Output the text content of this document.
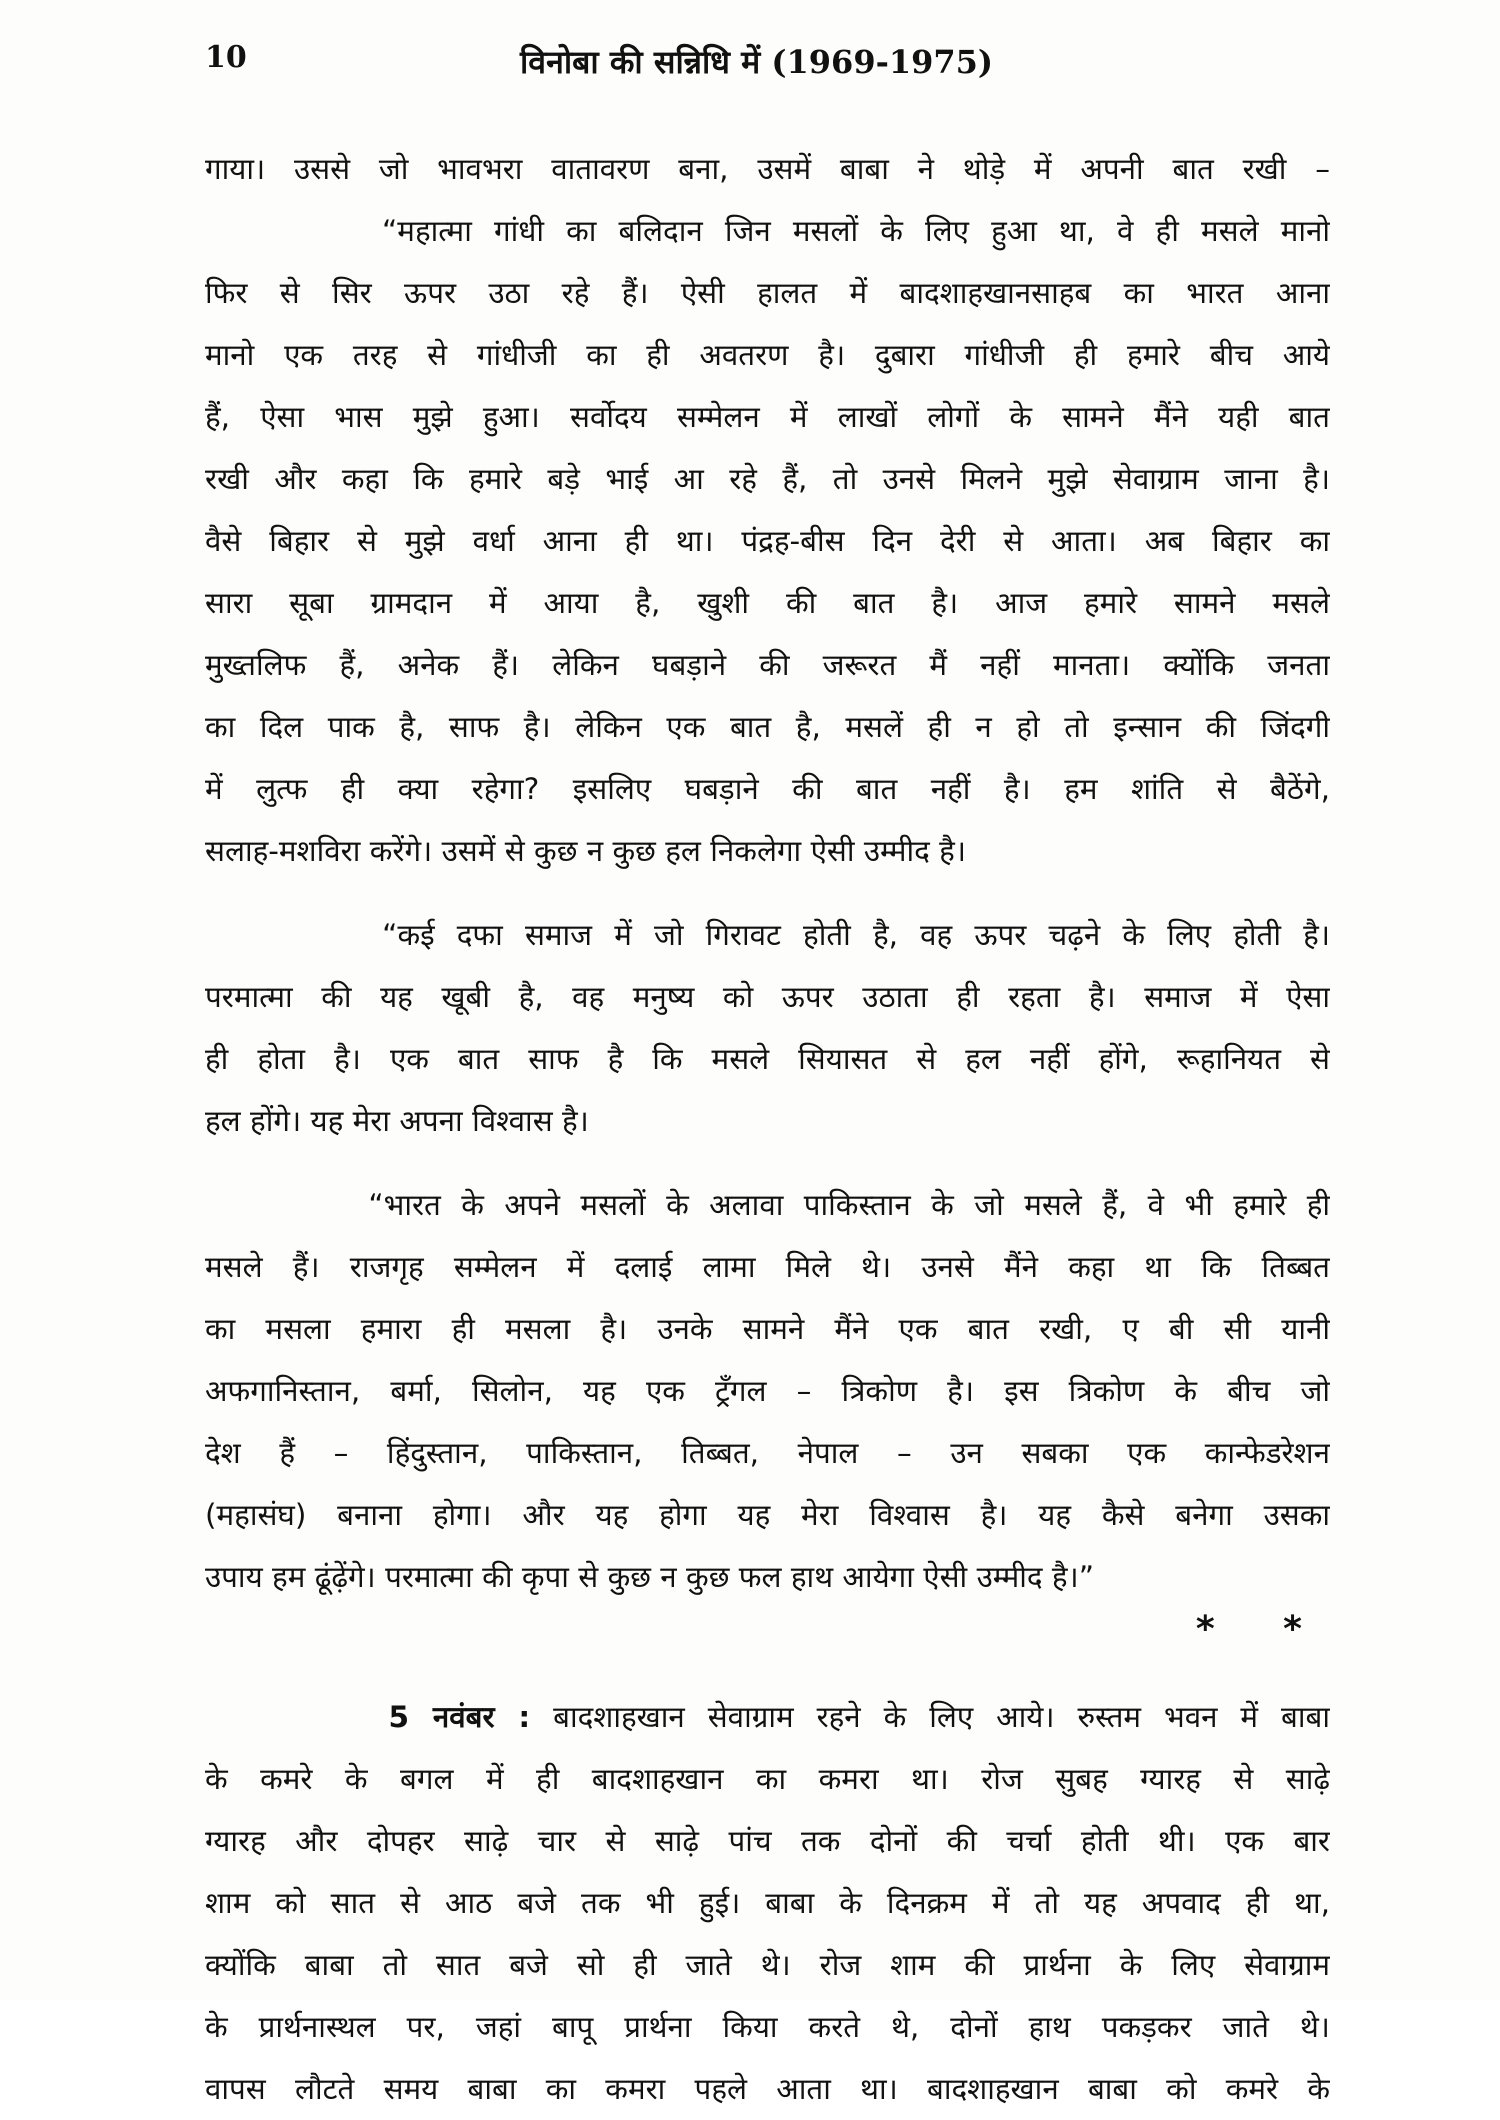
10	विनोबा की सन्निधि में (1969-1975)
गाया। उससे जो भावभरा वातावरण बना, उसमें बाबा ने थोड़े में अपनी बात रखी –
“महात्मा गांधी का बलिदान जिन मसलों के लिए हुआ था, वे ही मसले मानो
फिर से सिर ऊपर उठा रहे हैं। ऐसी हालत में बादशाहखानसाहब का भारत आना
मानो एक तरह से गांधीजी का ही अवतरण है। दुबारा गांधीजी ही हमारे बीच आये
हैं, ऐसा भास मुझे हुआ। सर्वोदय सम्मेलन में लाखों लोगों के सामने मैंने यही बात
रखी और कहा कि हमारे बड़े भाई आ रहे हैं, तो उनसे मिलने मुझे सेवाग्राम जाना है।
वैसे बिहार से मुझे वर्धा आना ही था। पंद्रह-बीस दिन देरी से आता। अब बिहार का
सारा सूबा ग्रामदान में आया है, खुशी की बात है। आज हमारे सामने मसले
मुख्तलिफ हैं, अनेक हैं। लेकिन घबड़ाने की जरूरत मैं नहीं मानता। क्योंकि जनता
का दिल पाक है, साफ है। लेकिन एक बात है, मसलें ही न हो तो इन्सान की जिंदगी
में लुत्फ ही क्या रहेगा? इसलिए घबड़ाने की बात नहीं है। हम शांति से बैठेंगे,
सलाह-मशविरा करेंगे। उसमें से कुछ न कुछ हल निकलेगा ऐसी उम्मीद है।
“कई दफा समाज में जो गिरावट होती है, वह ऊपर चढ़ने के लिए होती है।
परमात्मा की यह खूबी है, वह मनुष्य को ऊपर उठाता ही रहता है। समाज में ऐसा
ही होता है। एक बात साफ है कि मसले सियासत से हल नहीं होंगे, रूहानियत से
हल होंगे। यह मेरा अपना विश्वास है।
“भारत के अपने मसलों के अलावा पाकिस्तान के जो मसले हैं, वे भी हमारे ही
मसले हैं। राजगृह सम्मेलन में दलाई लामा मिले थे। उनसे मैंने कहा था कि तिब्बत
का मसला हमारा ही मसला है। उनके सामने मैंने एक बात रखी, ए बी सी यानी
अफगानिस्तान, बर्मा, सिलोन, यह एक ट्रँगल – त्रिकोण है। इस त्रिकोण के बीच जो
देश हैं – हिंदुस्तान, पाकिस्तान, तिब्बत, नेपाल – उन सबका एक कान्फेडरेशन
(महासंघ) बनाना होगा। और यह होगा यह मेरा विश्वास है। यह कैसे बनेगा उसका
उपाय हम ढूंढ़ेंगे। परमात्मा की कृपा से कुछ न कुछ फल हाथ आयेगा ऐसी उम्मीद है।”
* *
5 नवंबर : बादशाहखान सेवाग्राम रहने के लिए आये। रुस्तम भवन में बाबा
के कमरे के बगल में ही बादशाहखान का कमरा था। रोज सुबह ग्यारह से साढ़े
ग्यारह और दोपहर साढ़े चार से साढ़े पांच तक दोनों की चर्चा होती थी। एक बार
शाम को सात से आठ बजे तक भी हुई। बाबा के दिनक्रम में तो यह अपवाद ही था,
क्योंकि बाबा तो सात बजे सो ही जाते थे। रोज शाम की प्रार्थना के लिए सेवाग्राम
के प्रार्थनास्थल पर, जहां बापू प्रार्थना किया करते थे, दोनों हाथ पकड़कर जाते थे।
वापस लौटते समय बाबा का कमरा पहले आता था। बादशाहखान बाबा को कमरे के
